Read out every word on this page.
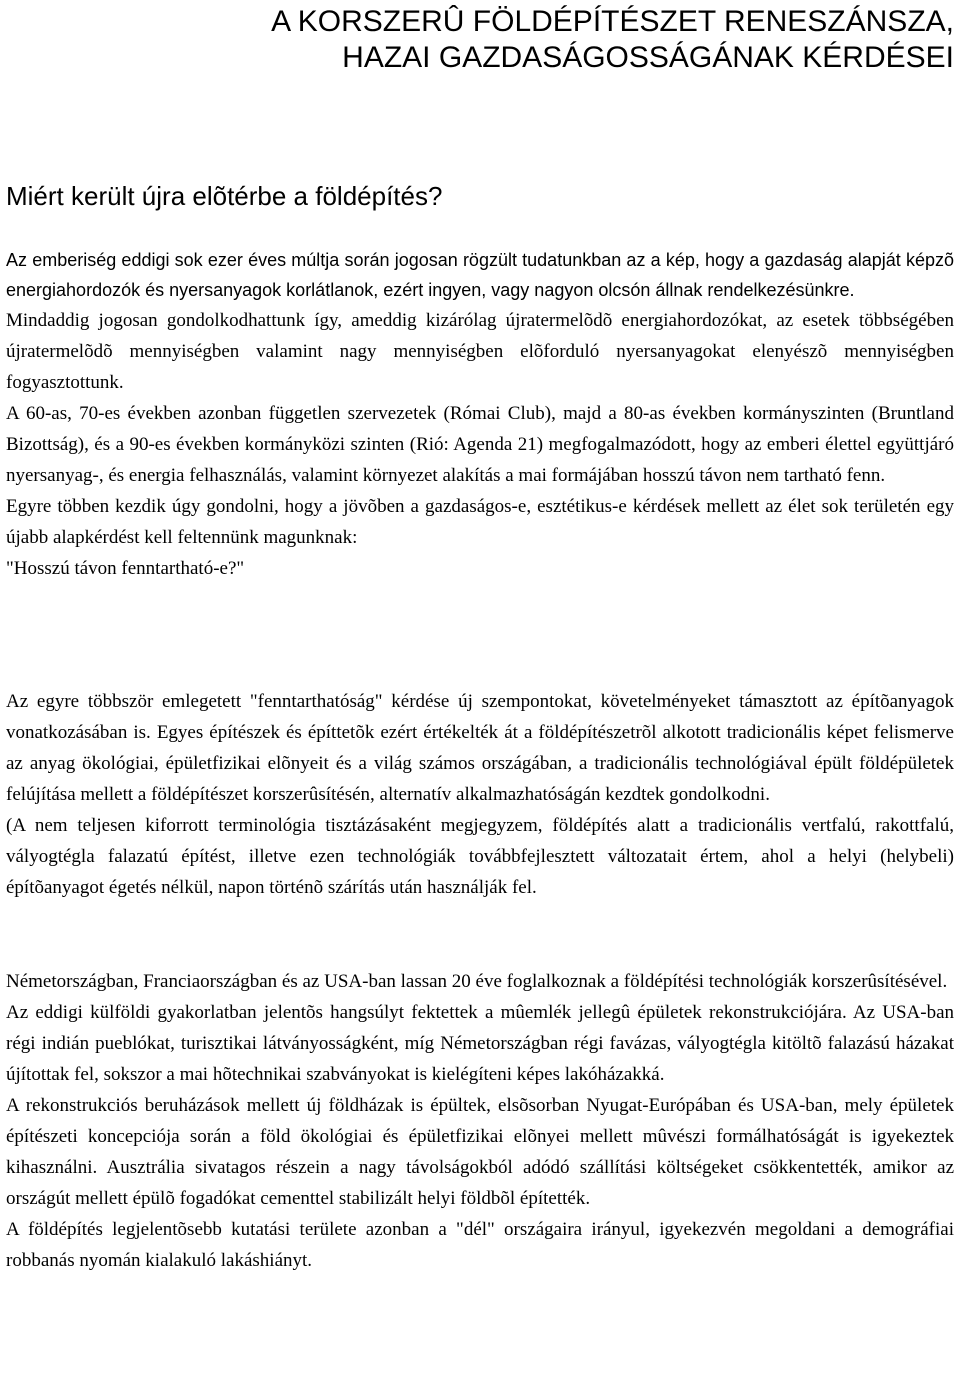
A KORSZERÛ FÖLDÉPÍTÉSZET RENESZÁNSZA,
HAZAI GAZDASÁGOSSÁGÁNAK KÉRDÉSEI
Miért került újra elõtérbe a földépítés?

Az emberiség eddigi sok ezer éves múltja során jogosan rögzült tudatunkban az a kép, hogy a gazdaság alapját képzõ energiahordozók és nyersanyagok korlátlanok, ezért ingyen, vagy nagyon olcsón állnak rendelkezésünkre.

Mindaddig jogosan gondolkodhattunk így, ameddig kizárólag újratermelõdõ energiahordozókat, az esetek többségében újratermelõdõ mennyiségben valamint nagy mennyiségben elõforduló nyersanyagokat elenyészõ mennyiségben fogyasztottunk.

A 60-as, 70-es években azonban független szervezetek (Római Club), majd a 80-as években kormányszinten (Bruntland Bizottság), és a 90-es években kormányközi szinten (Rió: Agenda 21) megfogalmazódott, hogy az emberi élettel együttjáró nyersanyag-, és energia felhasználás, valamint környezet alakítás a mai formájában hosszú távon nem tartható fenn.

Egyre többen kezdik úgy gondolni, hogy a jövõben a gazdaságos-e, esztétikus-e kérdések mellett az élet sok területén egy újabb alapkérdést kell feltennünk magunknak:

"Hosszú távon fenntartható-e?"

Az egyre többször emlegetett "fenntarthatóság" kérdése új szempontokat, követelményeket támasztott az építõanyagok vonatkozásában is. Egyes építészek és építtetõk ezért értékelték át a földépítészetrõl alkotott tradicionális képet felismerve az anyag ökológiai, épületfizikai elõnyeit és a világ számos országában, a tradicionális technológiával épült földépületek felújítása mellett a földépítészet korszerûsítésén, alternatív alkalmazhatóságán kezdtek gondolkodni.

(A nem teljesen kiforrott terminológia tisztázásaként megjegyzem, földépítés alatt a tradicionális vertfalú, rakottfalú, vályogtégla falazatú építést, illetve ezen technológiák továbbfejlesztett változatait értem, ahol a helyi (helybeli) építõanyagot égetés nélkül, napon történõ szárítás után használják fel.

Németországban, Franciaországban és az USA-ban lassan 20 éve foglalkoznak a földépítési technológiák korszerûsítésével.

Az eddigi külföldi gyakorlatban jelentõs hangsúlyt fektettek a mûemlék jellegû épületek rekonstrukciójára. Az USA-ban régi indián pueblókat, turisztikai látványosságként, míg Németországban régi favázas, vályogtégla kitöltõ falazású házakat újítottak fel, sokszor a mai hõtechnikai szabványokat is kielégíteni képes lakóházakká.

A rekonstrukciós beruházások mellett új földházak is épültek, elsõsorban Nyugat-Európában és USA-ban, mely épületek építészeti koncepciója során a föld ökológiai és épületfizikai elõnyei mellett mûvészi formálhatóságát is igyekeztek kihasználni. Ausztrália sivatagos részein a nagy távolságokból adódó szállítási költségeket csökkentették, amikor az országút mellett épülõ fogadókat cementtel stabilizált helyi földbõl építették.

A földépítés legjelentõsebb kutatási területe azonban a "dél" országaira irányul, igyekezvén megoldani a demográfiai robbanás nyomán kialakuló lakáshiányt.
